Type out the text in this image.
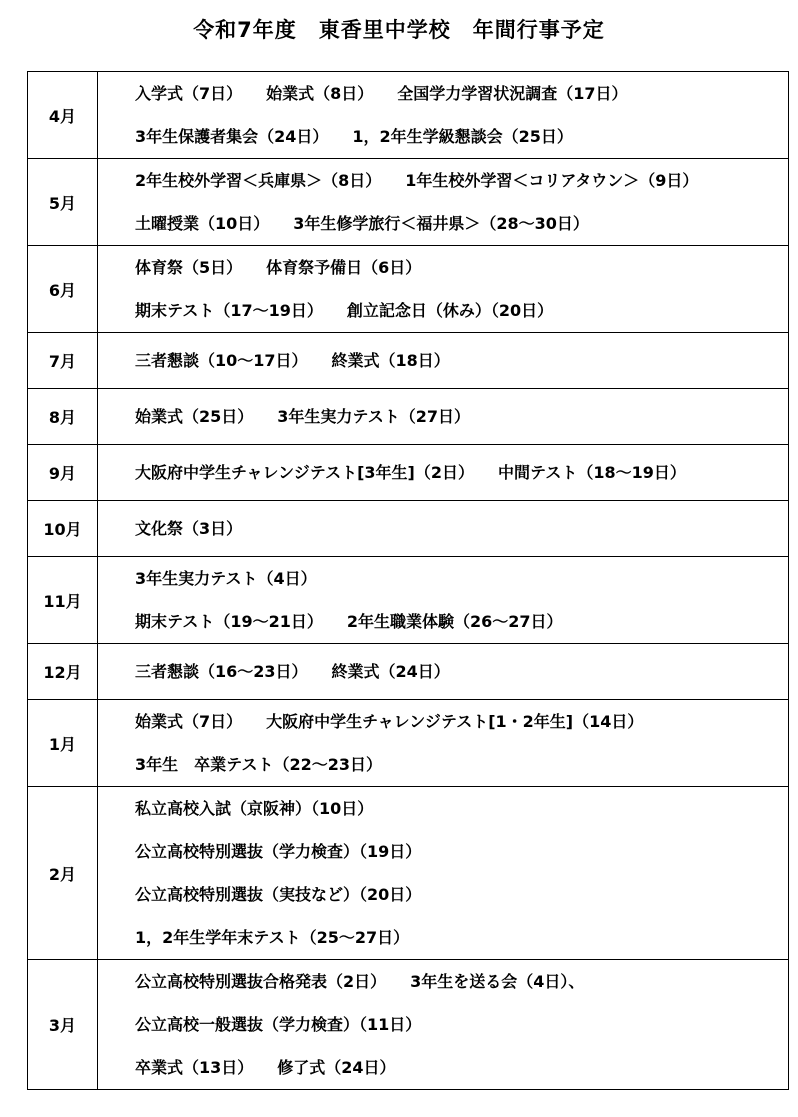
令和7年度　東香里中学校　年間行事予定
4月	入学式（7日）　　始業式（8日）　　全国学力学習状況調査（17日）
3年生保護者集会（24日）　　1，2年生学級懇談会（25日）

5月	2年生校外学習＜兵庫県＞（8日）　　1年生校外学習＜コリアタウン＞（9日）
土曜授業（10日）　　3年生修学旅行＜福井県＞（28～30日）

6月	体育祭（5日）　　体育祭予備日（6日）
期末テスト（17～19日）　　創立記念日（休み）（20日）

7月	三者懇談（10～17日）　　終業式（18日）

8月	始業式（25日）　　3年生実力テスト（27日）

9月	大阪府中学生チャレンジテスト[3年生]（2日）　　中間テスト（18～19日）

10月	文化祭（3日）

11月	3年生実力テスト（4日）
期末テスト（19～21日）　　2年生職業体験（26～27日）

12月	三者懇談（16～23日）　　終業式（24日）

1月	始業式（7日）　　大阪府中学生チャレンジテスト[1・2年生]（14日）
3年生　卒業テスト（22～23日）

2月	私立高校入試（京阪神）（10日）
公立高校特別選抜（学力検査）（19日）
公立高校特別選抜（実技など）（20日）
1，2年生学年末テスト（25～27日）

3月	公立高校特別選抜合格発表（2日）　　3年生を送る会（4日）、
公立高校一般選抜（学力検査）（11日）
卒業式（13日）　　修了式（24日）
